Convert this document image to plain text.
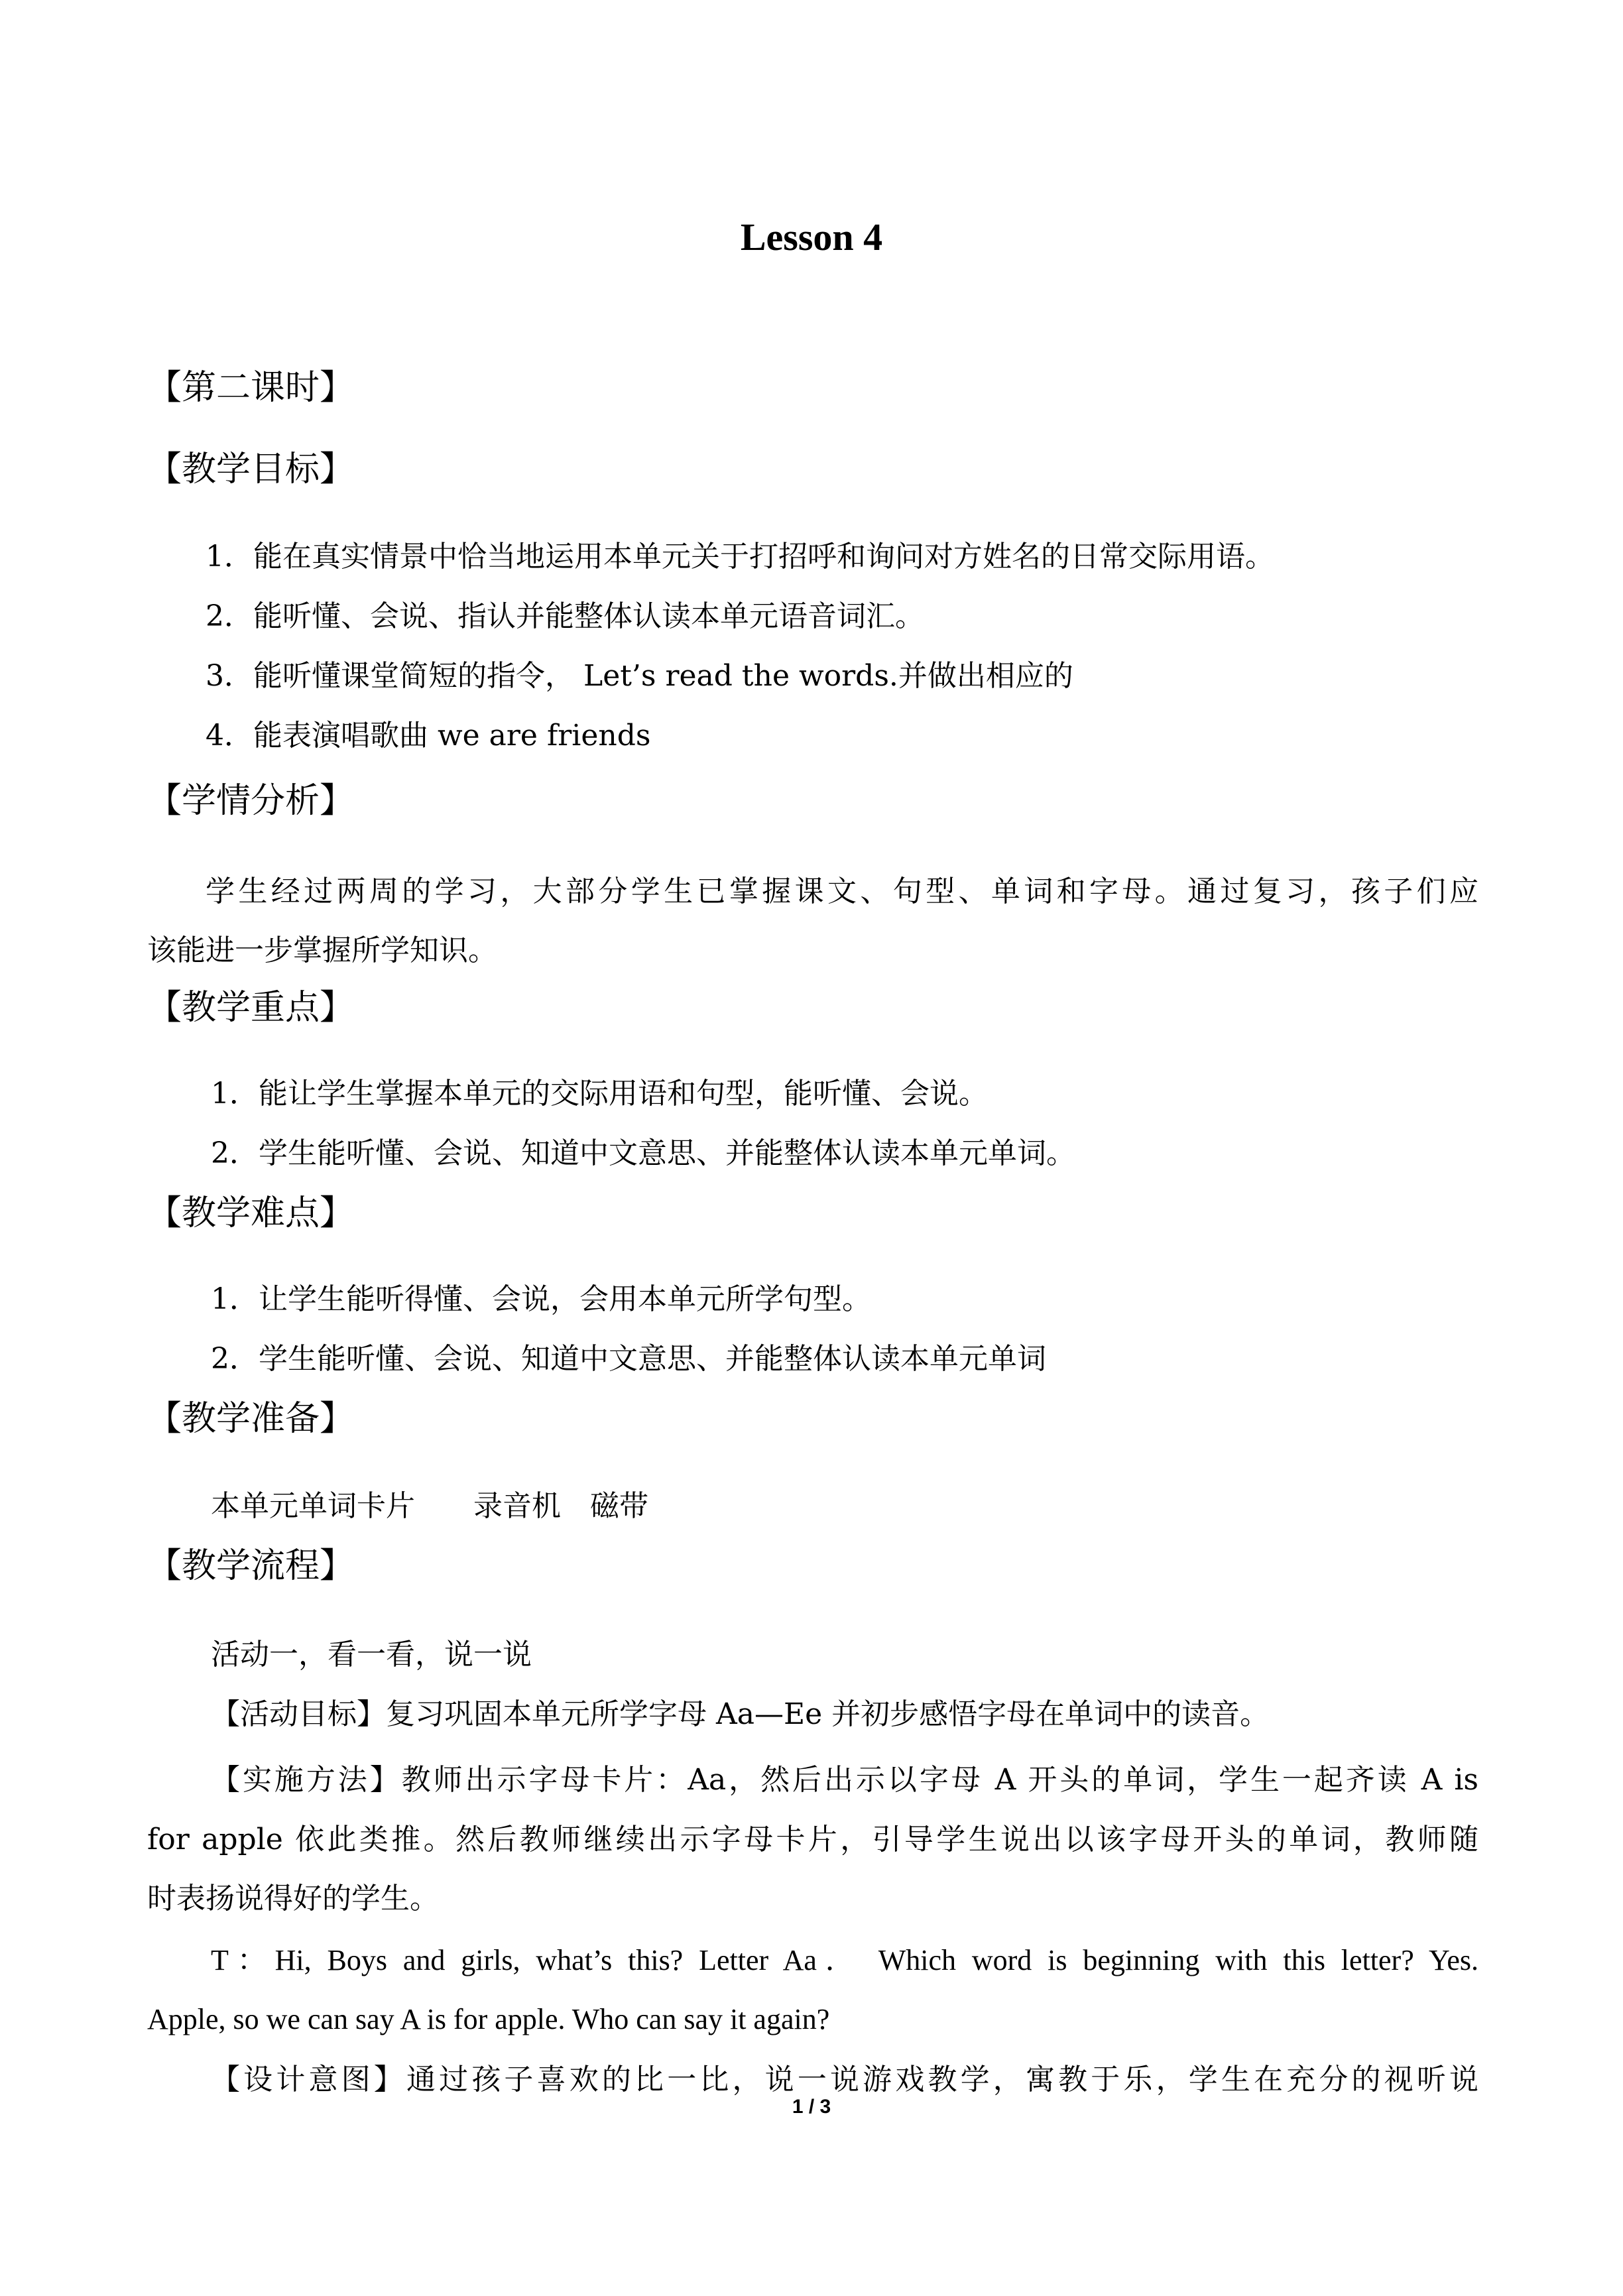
Lesson 4
【第二课时】
【教学目标】
1．能在真实情景中恰当地运用本单元关于打招呼和询问对方姓名的日常交际用语。
2．能听懂、会说、指认并能整体认读本单元语音词汇。
3．能听懂课堂简短的指令， Let’s read the words.并做出相应的
4．能表演唱歌曲 we are friends
【学情分析】
学生经过两周的学习，大部分学生已掌握课文、句型、单词和字母。通过复习，孩子们应
该能进一步掌握所学知识。
【教学重点】
1．能让学生掌握本单元的交际用语和句型，能听懂、会说。
2．学生能听懂、会说、知道中文意思、并能整体认读本单元单词。
【教学难点】
1．让学生能听得懂、会说，会用本单元所学句型。
2．学生能听懂、会说、知道中文意思、并能整体认读本单元单词
【教学准备】
本单元单词卡片　　录音机　磁带
【教学流程】
活动一，看一看，说一说
【活动目标】复习巩固本单元所学字母 Aa—Ee 并初步感悟字母在单词中的读音。
【实施方法】教师出示字母卡片：Aa，然后出示以字母 A 开头的单词，学生一起齐读 A is
for apple 依此类推。然后教师继续出示字母卡片，引导学生说出以该字母开头的单词，教师随
时表扬说得好的学生。
T：Hi, Boys and girls, what’s this? Letter Aa． Which word is beginning with this letter? Yes.
Apple, so we can say A is for apple. Who can say it again?
【设计意图】通过孩子喜欢的比一比，说一说游戏教学，寓教于乐，学生在充分的视听说
1 / 3
